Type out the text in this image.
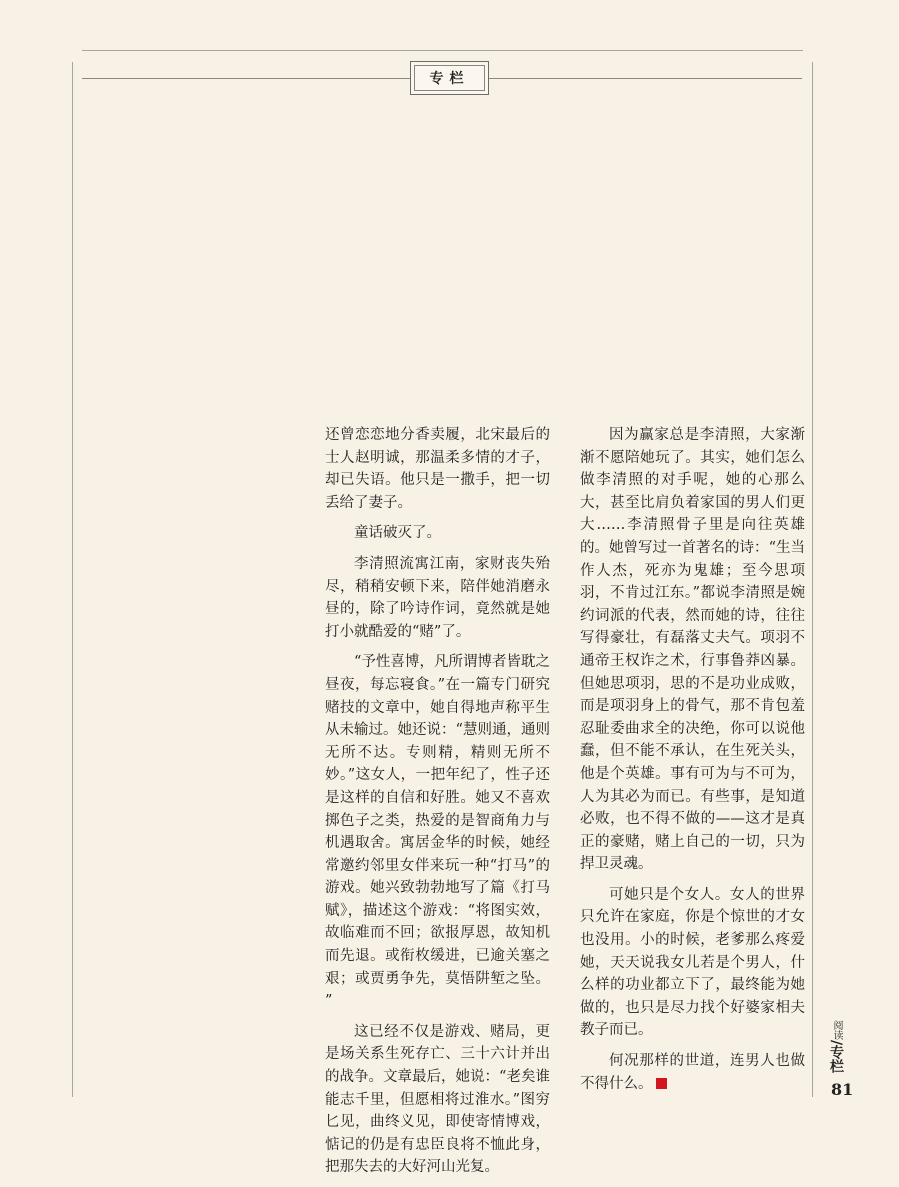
专栏

还曾恋恋地分香卖履，北宋最后的士人赵明诚，那温柔多情的才子，却已失语。他只是一撒手，把一切丢给了妻子。

童话破灭了。

李清照流寓江南，家财丧失殆尽，稍稍安顿下来，陪伴她消磨永昼的，除了吟诗作词，竟然就是她打小就酷爱的“赌”了。

“予性喜博，凡所谓博者皆耽之昼夜，每忘寝食。”在一篇专门研究赌技的文章中，她自得地声称平生从未输过。她还说：“慧则通，通则无所不达。专则精，精则无所不妙。”这女人，一把年纪了，性子还是这样的自信和好胜。她又不喜欢掷色子之类，热爱的是智商角力与机遇取舍。寓居金华的时候，她经常邀约邻里女伴来玩一种“打马”的游戏。她兴致勃勃地写了篇《打马赋》，描述这个游戏：“将图实效，故临难而不回；欲报厚恩，故知机而先退。或衔枚缓进，已逾关塞之艰；或贾勇争先，莫悟阱堑之坠。 ”

这已经不仅是游戏、赌局，更是场关系生死存亡、三十六计并出的战争。文章最后，她说：“老矣谁能志千里，但愿相将过淮水。”图穷匕见，曲终义见，即使寄情博戏，惦记的仍是有忠臣良将不恤此身，把那失去的大好河山光复。

因为赢家总是李清照，大家渐渐不愿陪她玩了。其实，她们怎么做李清照的对手呢，她的心那么大，甚至比肩负着家国的男人们更大……李清照骨子里是向往英雄的。她曾写过一首著名的诗：“生当作人杰，死亦为鬼雄；至今思项羽，不肯过江东。”都说李清照是婉约词派的代表，然而她的诗，往往写得豪壮，有磊落丈夫气。项羽不通帝王权诈之术，行事鲁莽凶暴。但她思项羽，思的不是功业成败，而是项羽身上的骨气，那不肯包羞忍耻委曲求全的决绝，你可以说他蠢，但不能不承认，在生死关头，他是个英雄。事有可为与不可为，人为其必为而已。有些事，是知道必败，也不得不做的——这才是真正的豪赌，赌上自己的一切，只为捍卫灵魂。

可她只是个女人。女人的世界只允许在家庭，你是个惊世的才女也没用。小的时候，老爹那么疼爱她，天天说我女儿若是个男人，什么样的功业都立下了，最终能为她做的，也只是尽力找个好婆家相夫教子而已。

何况那样的世道，连男人也做不得什么。

阅读/专栏
81
